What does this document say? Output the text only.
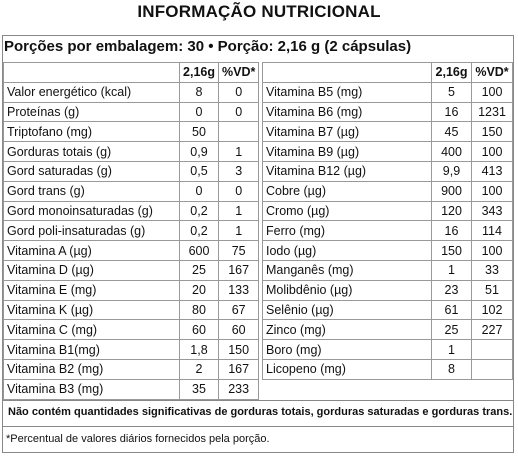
INFORMAÇÃO NUTRICIONAL
Porções por embalagem: 30 • Porção: 2,16 g (2 cápsulas)
	2,16g	%VD*
Valor energético (kcal)	8	0
Proteínas (g)	0	0
Triptofano (mg)	50	
Gorduras totais (g)	0,9	1
Gord saturadas (g)	0,5	3
Gord trans (g)	0	0
Gord monoinsaturadas (g)	0,2	1
Gord poli-insaturadas (g)	0,2	1
Vitamina A (µg)	600	75
Vitamina D (µg)	25	167
Vitamina E (mg)	20	133
Vitamina K (µg)	80	67
Vitamina C (mg)	60	60
Vitamina B1(mg)	1,8	150
Vitamina B2 (mg)	2	167
Vitamina B3 (mg)	35	233
	2,16g	%VD*
Vitamina B5 (mg)	5	100
Vitamina B6 (mg)	16	1231
Vitamina B7 (µg)	45	150
Vitamina B9 (µg)	400	100
Vitamina B12 (µg)	9,9	413
Cobre (µg)	900	100
Cromo (µg)	120	343
Ferro (mg)	16	114
Iodo (µg)	150	100
Manganês (mg)	1	33
Molibdênio (µg)	23	51
Selênio (µg)	61	102
Zinco (mg)	25	227
Boro (mg)	1	
Licopeno (mg)	8	
Não contém quantidades significativas de gorduras totais, gorduras saturadas e gorduras trans.
*Percentual de valores diários fornecidos pela porção.
